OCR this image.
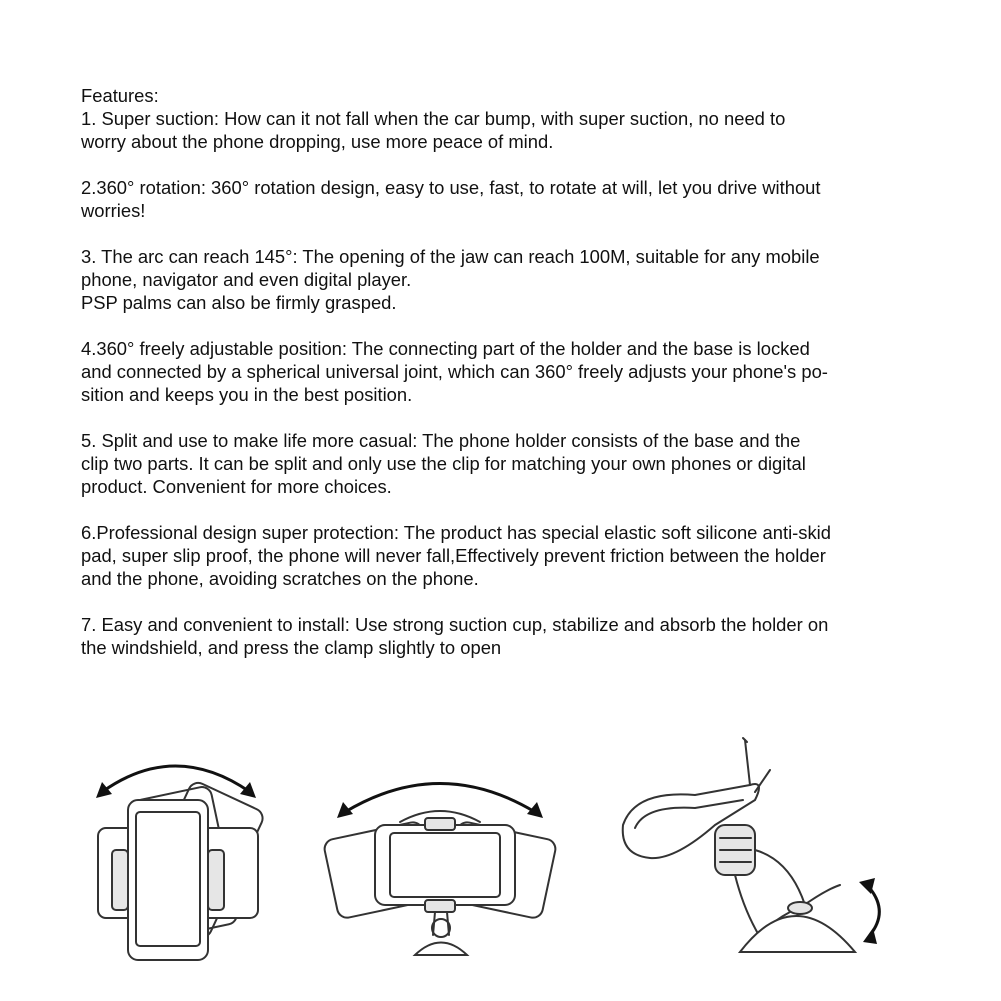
Features:

1. Super suction: How can it not fall when the car bump, with super suction, no need to
worry about the phone dropping, use more peace of mind.

2.360° rotation: 360° rotation design, easy to use, fast, to rotate at will, let you drive without
worries!

3. The arc can reach 145°: The opening of the jaw can reach 100M, suitable for any mobile
phone, navigator and even digital player.
PSP palms can also be firmly grasped.

4.360° freely adjustable position: The connecting part of the holder and the base is locked
and connected by a spherical universal joint, which can 360° freely adjusts your phone's po-
sition and keeps you in the best position.

5. Split and use to make life more casual: The phone holder consists of the base and the
clip two parts. It can be split and only use the clip for matching your own phones or digital
product. Convenient for more choices.

6.Professional design super protection: The product has special elastic soft silicone anti-skid
pad, super slip proof, the phone will never fall,Effectively prevent friction between the holder
and the phone, avoiding scratches on the phone.

7. Easy and convenient to install: Use strong suction cup, stabilize and absorb the holder on
the windshield, and press the clamp slightly to open
